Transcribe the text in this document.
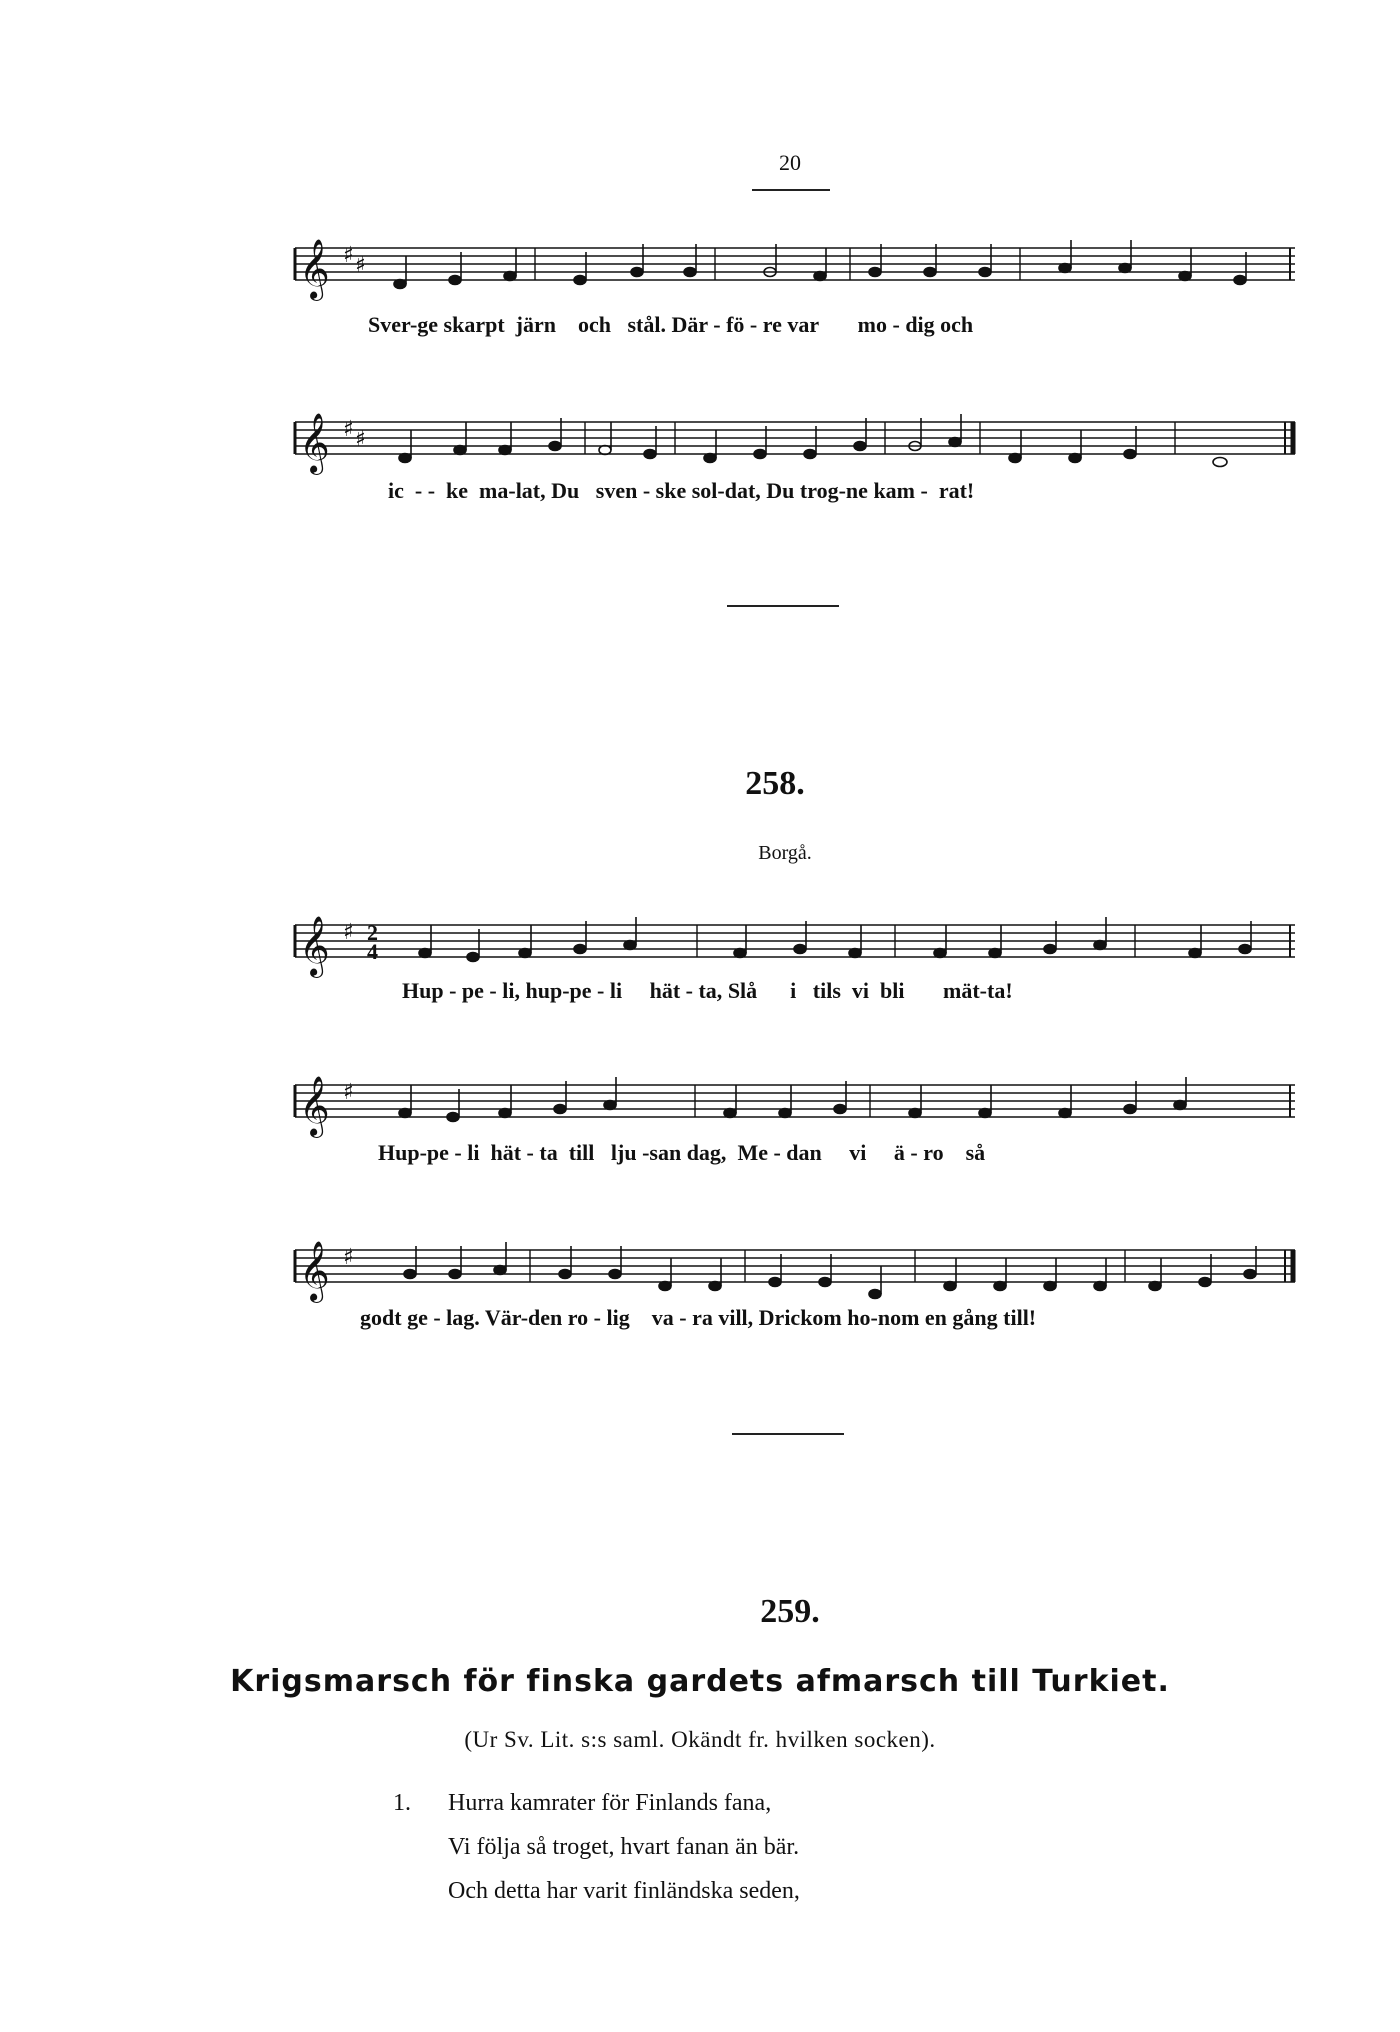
20
𝄞 ♯ ♯
Sver-ge skarpt järn och stål. Där - fö - re var mo - dig och
𝄞 ♯ ♯
ic - - ke ma-lat, Du sven - ske sol-dat, Du trog-ne kam - rat!
258.
Borgå.
𝄞 ♯ 2
4
Hup - pe - li, hup-pe - li hät - ta, Slå i tils vi bli mät-ta!
𝄞 ♯
Hup-pe - li hät - ta till lju -san dag, Me - dan vi ä - ro så
𝄞 ♯
godt ge - lag. Vär-den ro - lig va - ra vill, Drickom ho-nom en gång till!
259.
Krigsmarsch för finska gardets afmarsch till Turkiet.
(Ur Sv. Lit. s:s saml. Okändt fr. hvilken socken).
1. Hurra kamrater för Finlands fana,
Vi följa så troget, hvart fanan än bär.
Och detta har varit finländska seden,
